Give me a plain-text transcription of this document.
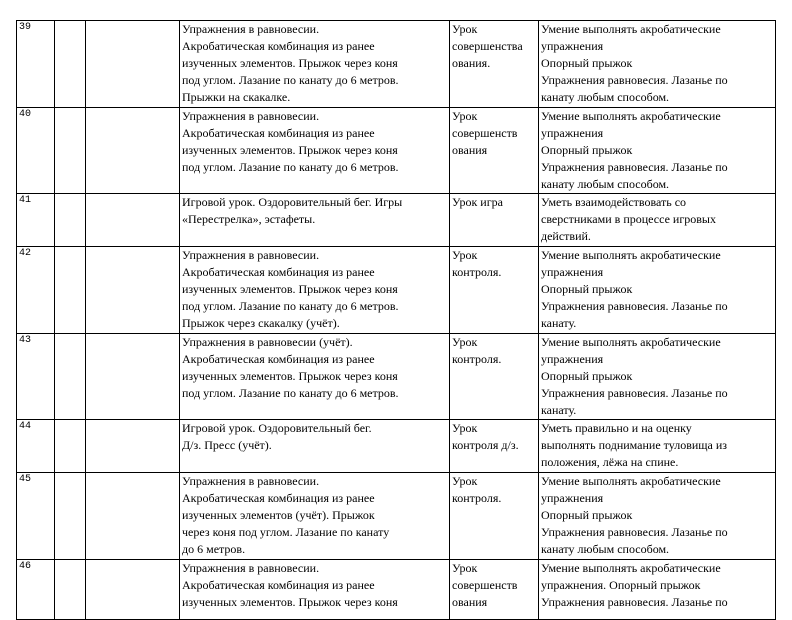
39			Упражнения в равновесии.
Акробатическая комбинация из ранее
изученных элементов. Прыжок через коня
под углом. Лазание по канату до 6 метров.
Прыжки на скакалке.	Урок
совершенства
ования.	Умение выполнять акробатические
упражнения
Опорный прыжок
Упражнения равновесия. Лазанье по
канату любым способом.

40			Упражнения в равновесии.
Акробатическая комбинация из ранее
изученных элементов. Прыжок через коня
под углом. Лазание по канату до 6 метров.	Урок
совершенств
ования	Умение выполнять акробатические
упражнения
Опорный прыжок
Упражнения равновесия. Лазанье по
канату любым способом.

41			Игровой урок. Оздоровительный бег. Игры
«Перестрелка», эстафеты.	Урок игра	Уметь взаимодействовать со
сверстниками в процессе игровых
действий.

42			Упражнения в равновесии.
Акробатическая комбинация из ранее
изученных элементов. Прыжок через коня
под углом. Лазание по канату до 6 метров.
Прыжок через скакалку (учёт).	Урок
контроля.	Умение выполнять акробатические
упражнения
Опорный прыжок
Упражнения равновесия. Лазанье по
канату.

43			Упражнения в равновесии (учёт).
Акробатическая комбинация из ранее
изученных элементов. Прыжок через коня
под углом. Лазание по канату до 6 метров.	Урок
контроля.	Умение выполнять акробатические
упражнения
Опорный прыжок
Упражнения равновесия. Лазанье по
канату.

44			Игровой урок. Оздоровительный бег.
Д/з. Пресс (учёт).	Урок
контроля д/з.	Уметь правильно и на оценку
выполнять поднимание туловища из
положения, лёжа на спине.

45			Упражнения в равновесии.
Акробатическая комбинация из ранее
изученных элементов (учёт). Прыжок
через коня под углом. Лазание по канату
до 6 метров.	Урок
контроля.	Умение выполнять акробатические
упражнения
Опорный прыжок
Упражнения равновесия. Лазанье по
канату любым способом.

46			Упражнения в равновесии.
Акробатическая комбинация из ранее
изученных элементов. Прыжок через коня	Урок
совершенств
ования	Умение выполнять акробатические
упражнения. Опорный прыжок
Упражнения равновесия. Лазанье по
